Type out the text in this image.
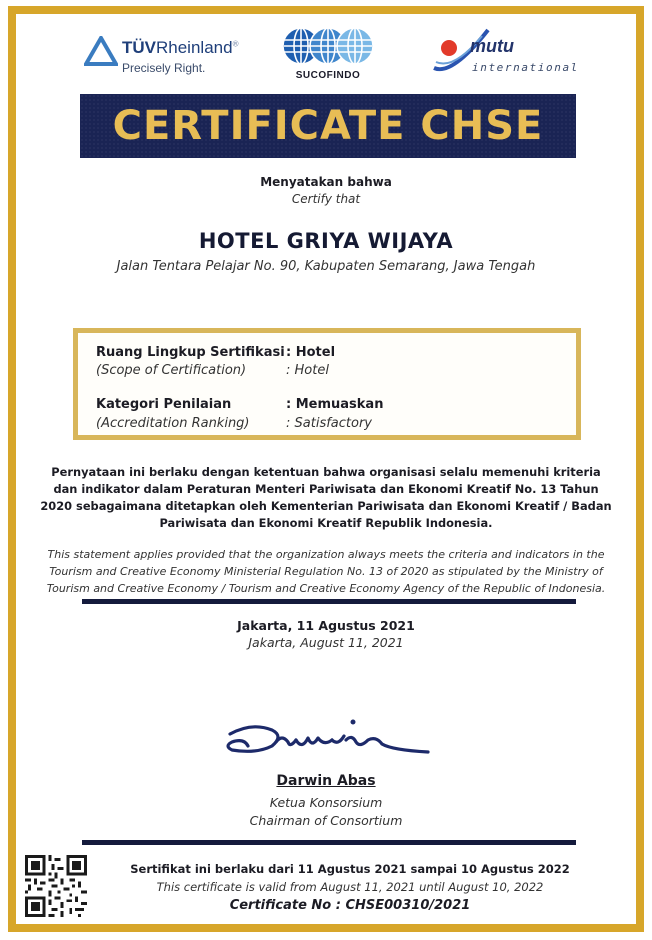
TÜVRheinland®
Precisely Right.
SUCOFINDO
mutu
international
CERTIFICATE CHSE
Menyatakan bahwa
Certify that
HOTEL GRIYA WIJAYA
Jalan Tentara Pelajar No. 90, Kabupaten Semarang, Jawa Tengah
Ruang Lingkup Sertifikasi
(Scope of Certification)
: Hotel
: Hotel
Kategori Penilaian
(Accreditation Ranking)
: Memuaskan
: Satisfactory
Pernyataan ini berlaku dengan ketentuan bahwa organisasi selalu memenuhi kriteria dan indikator dalam Peraturan Menteri Pariwisata dan Ekonomi Kreatif No. 13 Tahun 2020 sebagaimana ditetapkan oleh Kementerian Pariwisata dan Ekonomi Kreatif / Badan Pariwisata dan Ekonomi Kreatif Republik Indonesia.
This statement applies provided that the organization always meets the criteria and indicators in the Tourism and Creative Economy Ministerial Regulation No. 13 of 2020 as stipulated by the Ministry of Tourism and Creative Economy / Tourism and Creative Economy Agency of the Republic of Indonesia.
Jakarta, 11 Agustus 2021
Jakarta, August 11, 2021
Darwin Abas
Ketua Konsorsium
Chairman of Consortium
Sertifikat ini berlaku dari 11 Agustus 2021 sampai 10 Agustus 2022
This certificate is valid from August 11, 2021 until August 10, 2022
Certificate No : CHSE00310/2021
